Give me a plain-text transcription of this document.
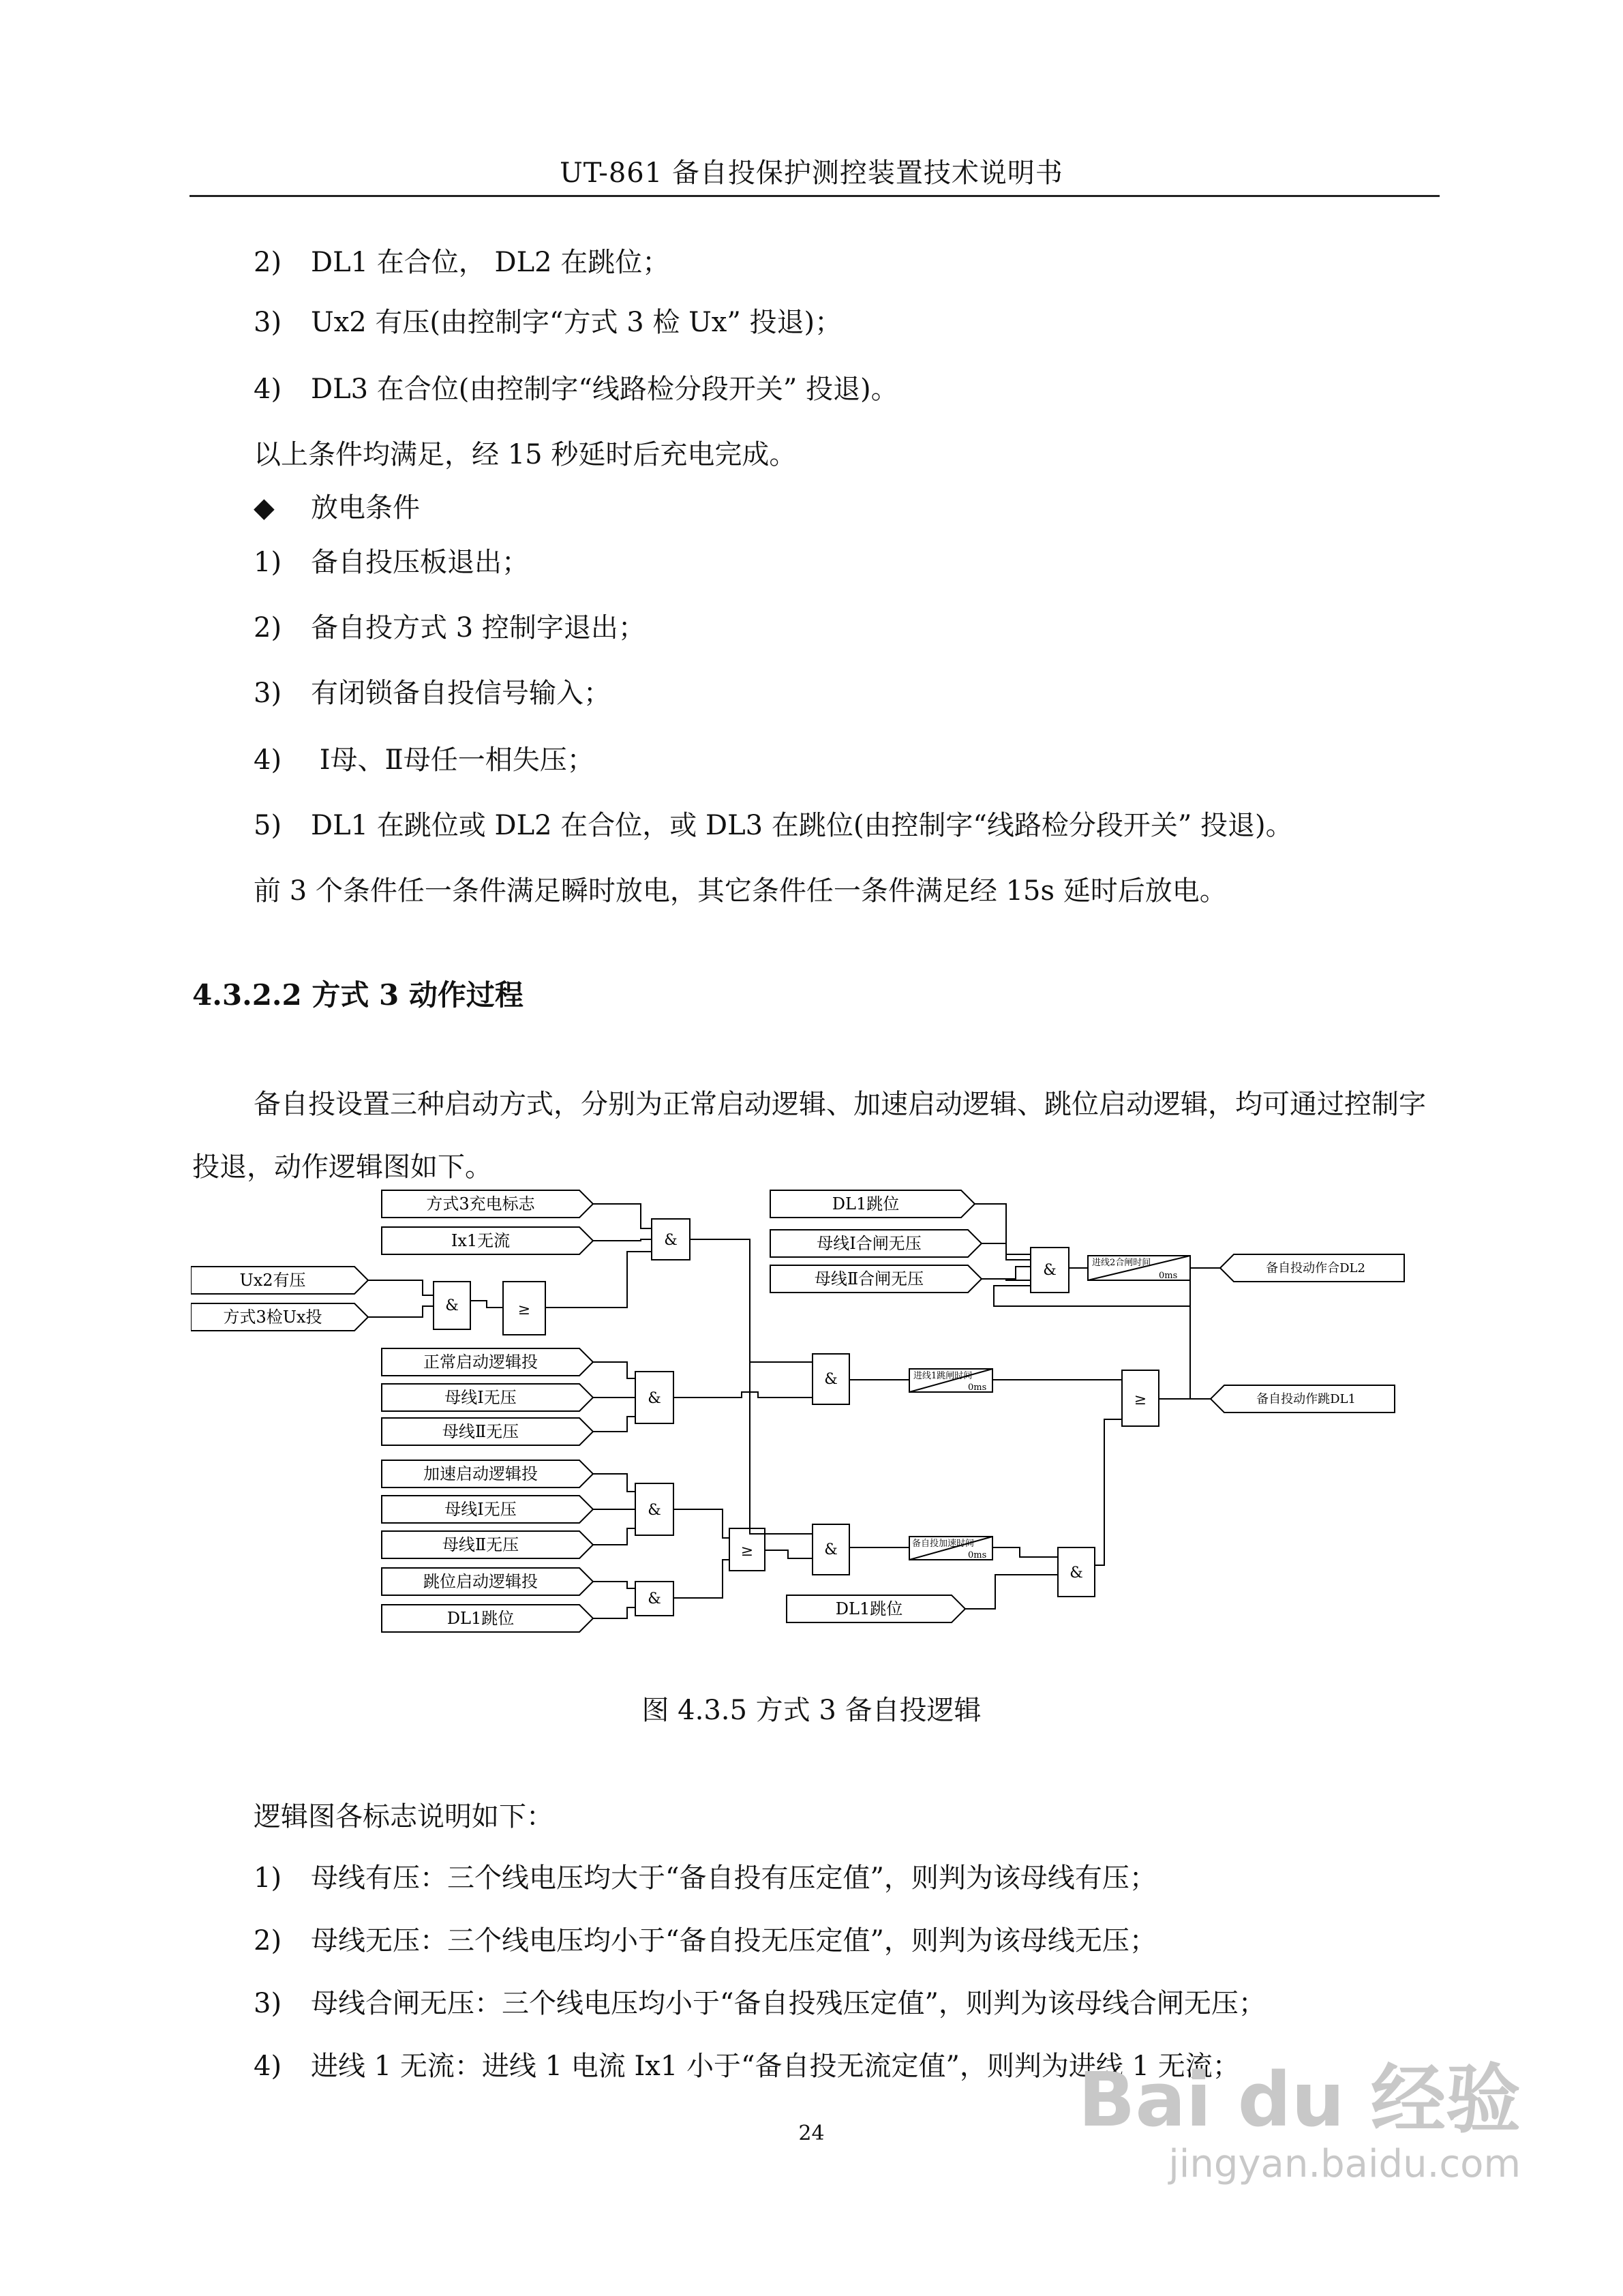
UT-861 备自投保护测控装置技术说明书
2) DL1 在合位， DL2 在跳位；
3) Ux2 有压(由控制字“方式 3 检 Ux” 投退)；
4) DL3 在合位(由控制字“线路检分段开关” 投退)。
以上条件均满足，经 15 秒延时后充电完成。
◆ 放电条件
1) 备自投压板退出；
2) 备自投方式 3 控制字退出；
3) 有闭锁备自投信号输入；
4) Ⅰ母、Ⅱ母任一相失压；
5) DL1 在跳位或 DL2 在合位，或 DL3 在跳位(由控制字“线路检分段开关” 投退)。
前 3 个条件任一条件满足瞬时放电，其它条件任一条件满足经 15s 延时后放电。
4.3.2.2 方式 3 动作过程
备自投设置三种启动方式，分别为正常启动逻辑、加速启动逻辑、跳位启动逻辑，均可通过控制字投退，动作逻辑图如下。
方式3充电标志
Ix1无流
Ux2有压
方式3检Ux投
正常启动逻辑投
母线Ⅰ无压
母线Ⅱ无压
加速启动逻辑投
母线Ⅰ无压
母线Ⅱ无压
跳位启动逻辑投
DL1跳位
DL1跳位
母线Ⅰ合闸无压
母线Ⅱ合闸无压
DL1跳位
&
&	≥
&
&
&
≥
&
&
&
≥
&
进线2合闸时间
0ms
进线1跳闸时间
0ms
备自投加速时间
0ms
备自投动作合DL2
备自投动作跳DL1
图 4.3.5 方式 3 备自投逻辑
逻辑图各标志说明如下：
1) 母线有压：三个线电压均大于“备自投有压定值”，则判为该母线有压；
2) 母线无压：三个线电压均小于“备自投无压定值”，则判为该母线无压；
3) 母线合闸无压：三个线电压均小于“备自投残压定值”，则判为该母线合闸无压；
4) 进线 1 无流：进线 1 电流 Ix1 小于“备自投无流定值”，则判为进线 1 无流；
24	Bai du 经验
jingyan.baidu.com
